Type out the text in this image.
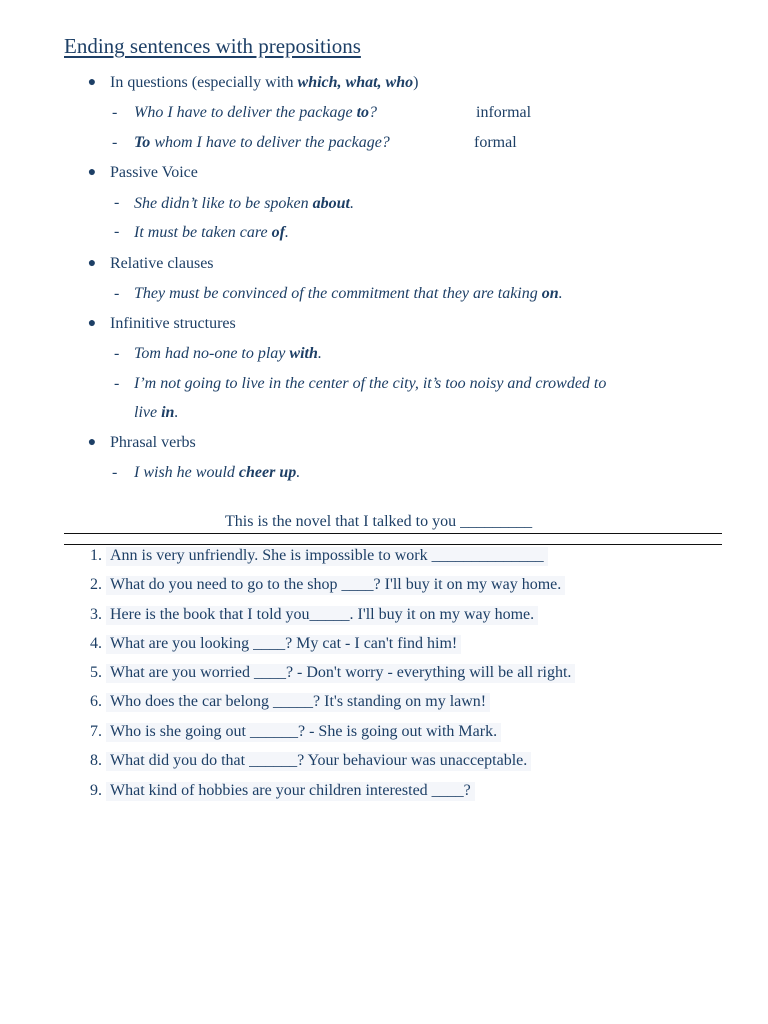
Ending sentences with prepositions
● In questions (especially with which, what, who)
- Who I have to deliver the package to?	informal
- To whom I have to deliver the package?	formal
● Passive Voice
- She didn’t like to be spoken about.
- It must be taken care of.
● Relative clauses
- They must be convinced of the commitment that they are taking on.
● Infinitive structures
- Tom had no-one to play with.
- I’m not going to live in the center of the city, it’s too noisy and crowded to
live in.
● Phrasal verbs
- I wish he would cheer up.
This is the novel that I talked to you _________
1. Ann is very unfriendly. She is impossible to work ______________
2. What do you need to go to the shop ____? I'll buy it on my way home.
3. Here is the book that I told you_____. I'll buy it on my way home.
4. What are you looking ____? My cat - I can't find him!
5. What are you worried ____? - Don't worry - everything will be all right.
6. Who does the car belong _____? It's standing on my lawn!
7. Who is she going out ______? - She is going out with Mark.
8. What did you do that ______? Your behaviour was unacceptable.
9. What kind of hobbies are your children interested ____?
